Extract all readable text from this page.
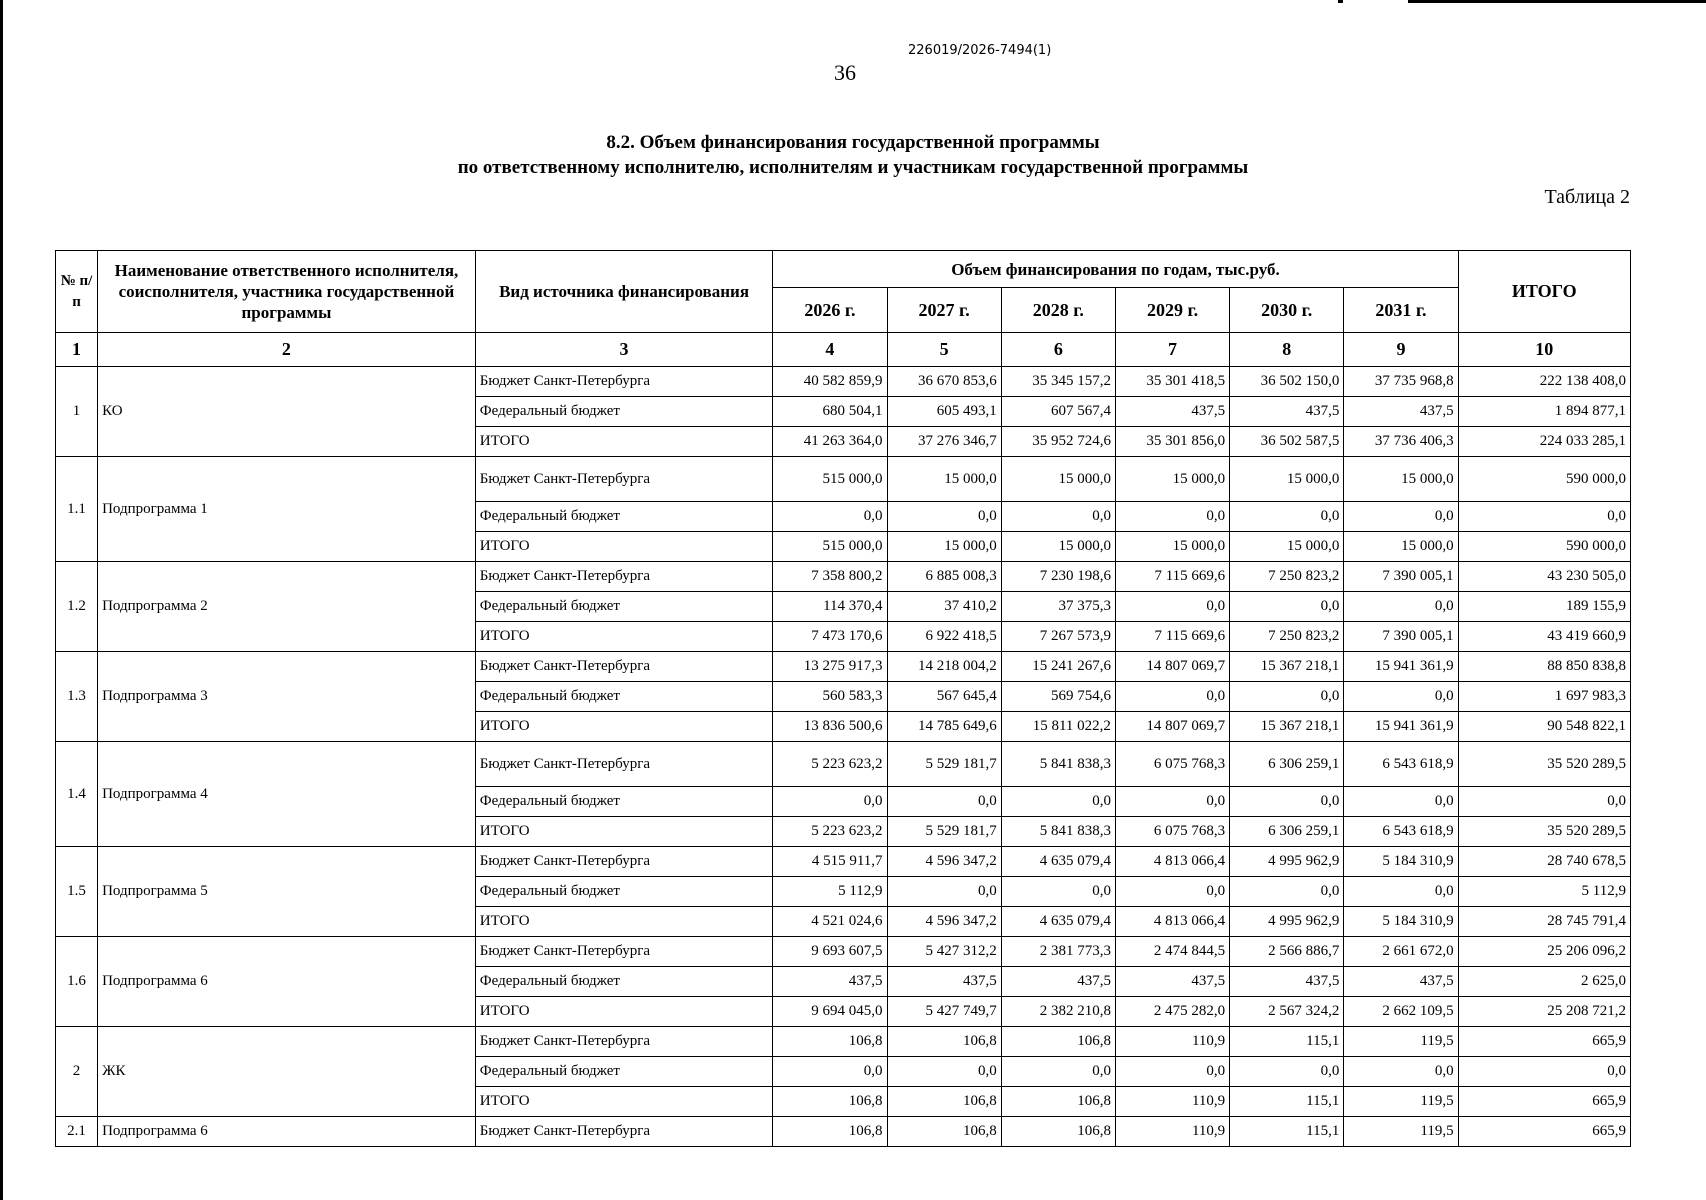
226019/2026-7494(1)
36
8.2. Объем финансирования государственной программы
по ответственному исполнителю, исполнителям и участникам государственной программы
Таблица 2
№ п/п	Наименование ответственного исполнителя, соисполнителя, участника государственной программы	Вид источника финансирования	Объем финансирования по годам, тыс.руб.						ИТОГО
			2026 г.	2027 г.	2028 г.	2029 г.	2030 г.	2031 г.	
1	2	3	4	5	6	7	8	9	10
1	КО	Бюджет Санкт-Петербурга	40 582 859,9	36 670 853,6	35 345 157,2	35 301 418,5	36 502 150,0	37 735 968,8	222 138 408,0
		Федеральный бюджет	680 504,1	605 493,1	607 567,4	437,5	437,5	437,5	1 894 877,1
		ИТОГО	41 263 364,0	37 276 346,7	35 952 724,6	35 301 856,0	36 502 587,5	37 736 406,3	224 033 285,1
1.1	Подпрограмма 1	Бюджет Санкт-Петербурга	515 000,0	15 000,0	15 000,0	15 000,0	15 000,0	15 000,0	590 000,0
		Федеральный бюджет	0,0	0,0	0,0	0,0	0,0	0,0	0,0
		ИТОГО	515 000,0	15 000,0	15 000,0	15 000,0	15 000,0	15 000,0	590 000,0
1.2	Подпрограмма 2	Бюджет Санкт-Петербурга	7 358 800,2	6 885 008,3	7 230 198,6	7 115 669,6	7 250 823,2	7 390 005,1	43 230 505,0
		Федеральный бюджет	114 370,4	37 410,2	37 375,3	0,0	0,0	0,0	189 155,9
		ИТОГО	7 473 170,6	6 922 418,5	7 267 573,9	7 115 669,6	7 250 823,2	7 390 005,1	43 419 660,9
1.3	Подпрограмма 3	Бюджет Санкт-Петербурга	13 275 917,3	14 218 004,2	15 241 267,6	14 807 069,7	15 367 218,1	15 941 361,9	88 850 838,8
		Федеральный бюджет	560 583,3	567 645,4	569 754,6	0,0	0,0	0,0	1 697 983,3
		ИТОГО	13 836 500,6	14 785 649,6	15 811 022,2	14 807 069,7	15 367 218,1	15 941 361,9	90 548 822,1
1.4	Подпрограмма 4	Бюджет Санкт-Петербурга	5 223 623,2	5 529 181,7	5 841 838,3	6 075 768,3	6 306 259,1	6 543 618,9	35 520 289,5
		Федеральный бюджет	0,0	0,0	0,0	0,0	0,0	0,0	0,0
		ИТОГО	5 223 623,2	5 529 181,7	5 841 838,3	6 075 768,3	6 306 259,1	6 543 618,9	35 520 289,5
1.5	Подпрограмма 5	Бюджет Санкт-Петербурга	4 515 911,7	4 596 347,2	4 635 079,4	4 813 066,4	4 995 962,9	5 184 310,9	28 740 678,5
		Федеральный бюджет	5 112,9	0,0	0,0	0,0	0,0	0,0	5 112,9
		ИТОГО	4 521 024,6	4 596 347,2	4 635 079,4	4 813 066,4	4 995 962,9	5 184 310,9	28 745 791,4
1.6	Подпрограмма 6	Бюджет Санкт-Петербурга	9 693 607,5	5 427 312,2	2 381 773,3	2 474 844,5	2 566 886,7	2 661 672,0	25 206 096,2
		Федеральный бюджет	437,5	437,5	437,5	437,5	437,5	437,5	2 625,0
		ИТОГО	9 694 045,0	5 427 749,7	2 382 210,8	2 475 282,0	2 567 324,2	2 662 109,5	25 208 721,2
2	ЖК	Бюджет Санкт-Петербурга	106,8	106,8	106,8	110,9	115,1	119,5	665,9
		Федеральный бюджет	0,0	0,0	0,0	0,0	0,0	0,0	0,0
		ИТОГО	106,8	106,8	106,8	110,9	115,1	119,5	665,9
2.1	Подпрограмма 6	Бюджет Санкт-Петербурга	106,8	106,8	106,8	110,9	115,1	119,5	665,9
